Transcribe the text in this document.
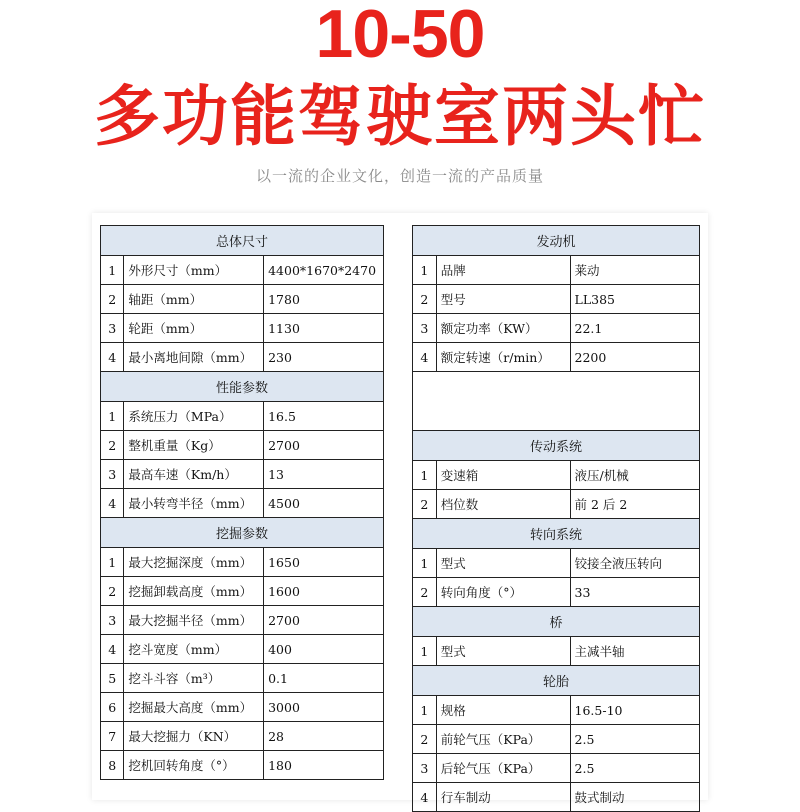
10-50
多功能驾驶室两头忙
以一流的企业文化，创造一流的产品质量
总体尺寸		
1	外形尺寸（mm）	4400*1670*2470
2	轴距（mm）	1780
3	轮距（mm）	1130
4	最小离地间隙（mm）	230
性能参数		
1	系统压力（MPa）	16.5
2	整机重量（Kg）	2700
3	最高车速（Km/h）	13
4	最小转弯半径（mm）	4500
挖掘参数		
1	最大挖掘深度（mm）	1650
2	挖掘卸载高度（mm）	1600
3	最大挖掘半径（mm）	2700
4	挖斗宽度（mm）	400
5	挖斗斗容（m³）	0.1
6	挖掘最大高度（mm）	3000
7	最大挖掘力（KN）	28
8	挖机回转角度（°）	180
发动机		
1	品牌	莱动
2	型号	LL385
3	额定功率（KW）	22.1
4	额定转速（r/min）	2200

传动系统		
1	变速箱	液压/机械
2	档位数	前 2 后 2
转向系统		
1	型式	铰接全液压转向
2	转向角度（°）	33
桥		
1	型式	主减半轴
轮胎		
1	规格	16.5-10
2	前轮气压（KPa）	2.5
3	后轮气压（KPa）	2.5
4	行车制动	鼓式制动
